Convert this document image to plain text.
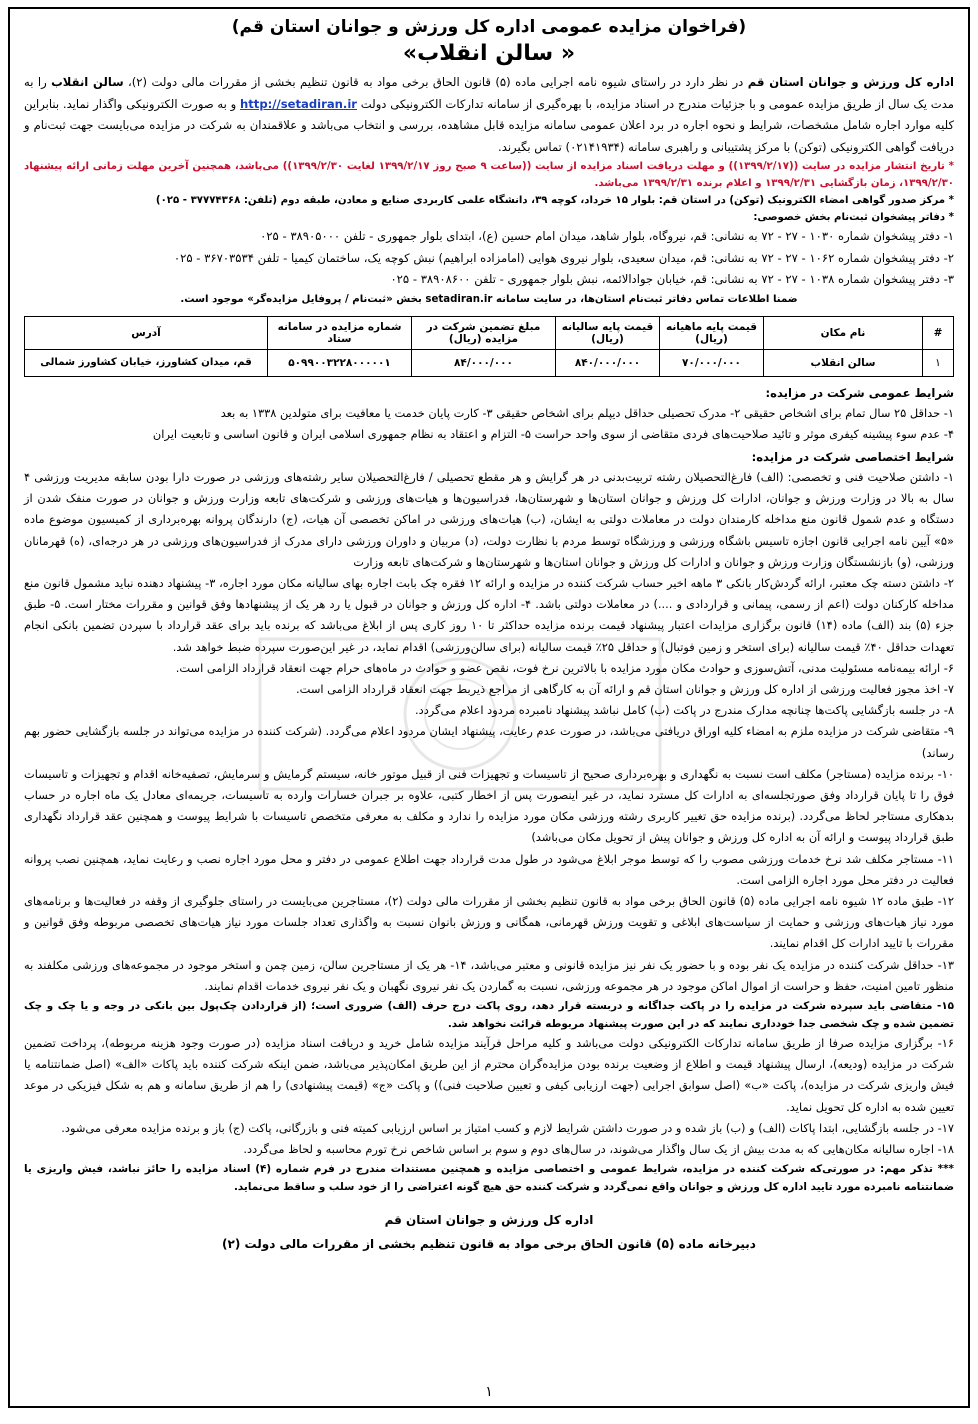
(فراخوان مزایده عمومی اداره کل ورزش و جوانان استان قم)
« سالن انقلاب»

اداره کل ورزش و جوانان استان قم در نظر دارد در راستای شیوه نامه اجرایی ماده (۵) قانون الحاق برخی مواد به قانون تنظیم بخشی از مقررات مالی دولت (۲)، سالن انقلاب را به مدت یک سال از طریق مزایده عمومی و با جزئیات مندرج در اسناد مزایده، با بهره‌گیری از سامانه تدارکات الکترونیکی دولت http://setadiran.ir و به صورت الکترونیکی واگذار نماید. بنابراین کلیه موارد اجاره شامل مشخصات، شرایط و نحوه اجاره در برد اعلان عمومی سامانه مزایده قابل مشاهده، بررسی و انتخاب می‌باشد و علاقمندان به شرکت در مزایده می‌بایست جهت ثبت‌نام و دریافت گواهی الکترونیکی (توکن) با مرکز پشتیبانی و راهبری سامانه (۰۲۱۴۱۹۳۴) تماس بگیرند.

* تاریخ انتشار مزایده در سایت ((۱۳۹۹/۲/۱۷)) و مهلت دریافت اسناد مزایده از سایت ((ساعت ۹ صبح روز ۱۳۹۹/۲/۱۷ لغایت ۱۳۹۹/۲/۳۰)) می‌باشد، همچنین آخرین مهلت زمانی ارائه پیشنهاد ۱۳۹۹/۲/۳۰، زمان بازگشایی ۱۳۹۹/۲/۳۱ و اعلام برنده ۱۳۹۹/۲/۳۱ می‌باشد.

* مرکز صدور گواهی امضاء الکترونیک (توکن) در استان قم: بلوار ۱۵ خرداد، کوچه ۳۹، دانشگاه علمی کاربردی صنایع و معادن، طبقه دوم (تلفن: ۳۷۷۷۴۳۶۸ - ۰۲۵)

* دفاتر پیشخوان ثبت‌نام بخش خصوصی:

۱- دفتر پیشخوان شماره ۱۰۳۰ - ۲۷ - ۷۲ به نشانی: قم، نیروگاه، بلوار شاهد، میدان امام حسین (ع)، ابتدای بلوار جمهوری - تلفن ۳۸۹۰۵۰۰۰ - ۰۲۵

۲- دفتر پیشخوان شماره ۱۰۶۲ - ۲۷ - ۷۲ به نشانی: قم، میدان سعیدی، بلوار نیروی هوایی (امامزاده ابراهیم) نبش کوچه یک، ساختمان کیمیا - تلفن ۳۶۷۰۳۵۳۴ - ۰۲۵

۳- دفتر پیشخوان شماره ۱۰۳۸ - ۲۷ - ۷۲ به نشانی: قم، خیابان جوادالائمه، نبش بلوار جمهوری - تلفن ۳۸۹۰۸۶۰۰ - ۰۲۵

ضمنا اطلاعات تماس دفاتر ثبت‌نام استان‌ها، در سایت سامانه setadiran.ir بخش «ثبت‌نام / پروفایل مزایده‌گر» موجود است.

#	نام مکان	قیمت پایه ماهیانه (ریال)	قیمت پایه سالیانه (ریال)	مبلغ تضمین شرکت در مزایده (ریال)	شماره مزایده در سامانه ستاد	آدرس
۱	سالن انقلاب	۷۰/۰۰۰/۰۰۰	۸۴۰/۰۰۰/۰۰۰	۸۴/۰۰۰/۰۰۰	۵۰۹۹۰۰۳۲۲۸۰۰۰۰۰۱	قم، میدان کشاورز، خیابان کشاورز شمالی
شرایط عمومی شرکت در مزایده:

۱- حداقل ۲۵ سال تمام برای اشخاص حقیقی ۲- مدرک تحصیلی حداقل دیپلم برای اشخاص حقیقی ۳- کارت پایان خدمت یا معافیت برای متولدین ۱۳۳۸ به بعد

۴- عدم سوء پیشینه کیفری موثر و تائید صلاحیت‌های فردی متقاضی از سوی واحد حراست ۵- التزام و اعتقاد به نظام جمهوری اسلامی ایران و قانون اساسی و تابعیت ایران

شرایط اختصاصی شرکت در مزایده:

۱- داشتن صلاحیت فنی و تخصصی: (الف) فارغ‌التحصیلان رشته تربیت‌بدنی در هر گرایش و هر مقطع تحصیلی / فارغ‌التحصیلان سایر رشته‌های ورزشی در صورت دارا بودن سابقه مدیریت ورزشی ۴ سال به بالا در وزارت ورزش و جوانان، ادارات کل ورزش و جوانان استان‌ها و شهرستان‌ها، فدراسیون‌ها و هیات‌های ورزشی و شرکت‌های تابعه وزارت ورزش و جوانان در صورت منفک شدن از دستگاه و عدم شمول قانون منع مداخله کارمندان دولت در معاملات دولتی به ایشان، (ب) هیات‌های ورزشی در اماکن تخصصی آن هیات، (ج) دارندگان پروانه بهره‌برداری از کمیسیون موضوع ماده «۵» آیین نامه اجرایی قانون اجازه تاسیس باشگاه ورزشی و ورزشگاه توسط مردم با نظارت دولت، (د) مربیان و داوران ورزشی دارای مدرک از فدراسیون‌های ورزشی در هر درجه‌ای، (ه) قهرمانان ورزشی، (و) بازنشستگان وزارت ورزش و جوانان و ادارات کل ورزش و جوانان استان‌ها و شهرستان‌ها و شرکت‌های تابعه وزارت

۲- داشتن دسته چک معتبر، ارائه گردش‌کار بانکی ۳ ماهه اخیر حساب شرکت کننده در مزایده و ارائه ۱۲ فقره چک بابت اجاره بهای سالیانه مکان مورد اجاره، ۳- پیشنهاد دهنده نباید مشمول قانون منع مداخله کارکنان دولت (اعم از رسمی، پیمانی و قراردادی و ....) در معاملات دولتی باشد. ۴- اداره کل ورزش و جوانان در قبول یا رد هر یک از پیشنهادها وفق قوانین و مقررات مختار است. ۵- طبق جزء (۵) بند (الف) ماده (۱۴) قانون برگزاری مزایدات اعتبار پیشنهاد قیمت برنده مزایده حداکثر تا ۱۰ روز کاری پس از ابلاغ می‌باشد که برنده باید برای عقد قرارداد با سپردن تضمین بانکی انجام تعهدات حداقل ۴۰٪ قیمت سالیانه (برای استخر و زمین فوتبال) و حداقل ۲۵٪ قیمت سالیانه (برای سالن‌ورزشی) اقدام نماید، در غیر این‌صورت سپرده ضبط خواهد شد.

۶- ارائه بیمه‌نامه مسئولیت مدنی، آتش‌سوزی و حوادث مکان مورد مزایده با بالاترین نرخ فوت، نقص عضو و حوادث در ماه‌های حرام جهت انعقاد قرارداد الزامی است.

۷- اخذ مجوز فعالیت ورزشی از اداره کل ورزش و جوانان استان قم و ارائه آن به کارگاهی از مراجع ذیربط جهت انعقاد قرارداد الزامی است.

۸- در جلسه بازگشایی پاکت‌ها چنانچه مدارک مندرج در پاکت (ب) کامل نباشد پیشنهاد نامبرده مردود اعلام می‌گردد.

۹- متقاضی شرکت در مزایده ملزم به امضاء کلیه اوراق دریافتی می‌باشد، در صورت عدم رعایت، پیشنهاد ایشان مردود اعلام می‌گردد. (شرکت کننده در مزایده می‌تواند در جلسه بازگشایی حضور بهم رساند)

۱۰- برنده مزایده (مستاجر) مکلف است نسبت به نگهداری و بهره‌برداری صحیح از تاسیسات و تجهیزات فنی از قبیل موتور خانه، سیستم گرمایش و سرمایش، تصفیه‌خانه اقدام و تجهیزات و تاسیسات فوق را تا پایان قرارداد وفق صورتجلسه‌ای به ادارات کل مسترد نماید، در غیر اینصورت پس از اخطار کتبی، علاوه بر جبران خسارات وارده به تاسیسات، جریمه‌ای معادل یک ماه اجاره در حساب بدهکاری مستاجر لحاظ می‌گردد. (برنده مزایده حق تغییر کاربری رشته ورزشی مکان مورد مزایده را ندارد و مکلف به معرفی متخصص تاسیسات با شرایط پیوست و همچنین عقد قرارداد نگهداری طبق قرارداد پیوست و ارائه آن به اداره کل ورزش و جوانان پیش از تحویل مکان می‌باشد)

۱۱- مستاجر مکلف شد نرخ خدمات ورزشی مصوب را که توسط موجر ابلاغ می‌شود در طول مدت قرارداد جهت اطلاع عمومی در دفتر و محل مورد اجاره نصب و رعایت نماید، همچنین نصب پروانه فعالیت در دفتر محل مورد اجاره الزامی است.

۱۲- طبق ماده ۱۲ شیوه نامه اجرایی ماده (۵) قانون الحاق برخی مواد به قانون تنظیم بخشی از مقررات مالی دولت (۲)، مستاجرین می‌بایست در راستای جلوگیری از وقفه در فعالیت‌ها و برنامه‌های مورد نیاز هیات‌های ورزشی و حمایت از سیاست‌های ابلاغی و تقویت ورزش قهرمانی، همگانی و ورزش بانوان نسبت به واگذاری تعداد جلسات مورد نیاز هیات‌های تخصصی مربوطه وفق قوانین و مقررات با تایید ادارات کل اقدام نمایند.

۱۳- حداقل شرکت کننده در مزایده یک نفر بوده و با حضور یک نفر نیز مزایده قانونی و معتبر می‌باشد، ۱۴- هر یک از مستاجرین سالن، زمین چمن و استخر موجود در مجموعه‌های ورزشی مکلفند به منظور تامین امنیت، حفظ و حراست از اموال اماکن موجود در هر مجموعه ورزشی، نسبت به گماردن یک نفر نیروی نگهبان و یک نفر نیروی خدمات اقدام نمایند.

۱۵- متقاضی باید سپرده شرکت در مزایده را در پاکت جداگانه و دربسته قرار دهد، روی پاکت درج حرف (الف) ضروری است؛ (از قراردادن چک‌پول بین بانکی در وجه و یا چک و چک تضمین شده و چک شخصی جدا خودداری نمایند که در این صورت پیشنهاد مربوطه قرائت نخواهد شد.

۱۶- برگزاری مزایده صرفا از طریق سامانه تدارکات الکترونیکی دولت می‌باشد و کلیه مراحل فرآیند مزایده شامل خرید و دریافت اسناد مزایده (در صورت وجود هزینه مربوطه)، پرداخت تضمین شرکت در مزایده (ودیعه)، ارسال پیشنهاد قیمت و اطلاع از وضعیت برنده بودن مزایده‌گران محترم از این طریق امکان‌پذیر می‌باشد، ضمن اینکه شرکت کننده باید پاکات «الف» (اصل ضمانتنامه یا فیش واریزی شرکت در مزایده)، پاکت «ب» (اصل سوابق اجرایی (جهت ارزیابی کیفی و تعیین صلاحیت فنی)) و پاکت «ج» (قیمت پیشنهادی) را هم از طریق سامانه و هم به شکل فیزیکی در موعد تعیین شده به اداره کل تحویل نماید.

۱۷- در جلسه بازگشایی، ابتدا پاکات (الف) و (ب) باز شده و در صورت داشتن شرایط لازم و کسب امتیاز بر اساس ارزیابی کمیته فنی و بازرگانی، پاکت (ج) باز و برنده مزایده معرفی می‌شود.

۱۸- اجاره سالیانه مکان‌هایی که به مدت بیش از یک سال واگذار می‌شوند، در سال‌های دوم و سوم بر اساس شاخص نرخ تورم محاسبه و لحاظ می‌گردد.

*** تذکر مهم: در صورتی‌که شرکت کننده در مزایده، شرایط عمومی و اختصاصی مزایده و همچنین مستندات مندرج در فرم شماره (۴) اسناد مزایده را حائز نباشد، فیش واریزی یا ضمانتنامه نامبرده مورد تایید اداره کل ورزش و جوانان واقع نمی‌گردد و شرکت کننده حق هیچ گونه اعتراضی را از خود سلب و ساقط می‌نماید.

اداره کل ورزش و جوانان استان قم
دبیرخانه ماده (۵) قانون الحاق برخی مواد به قانون تنظیم بخشی از مقررات مالی دولت (۲)
۱
